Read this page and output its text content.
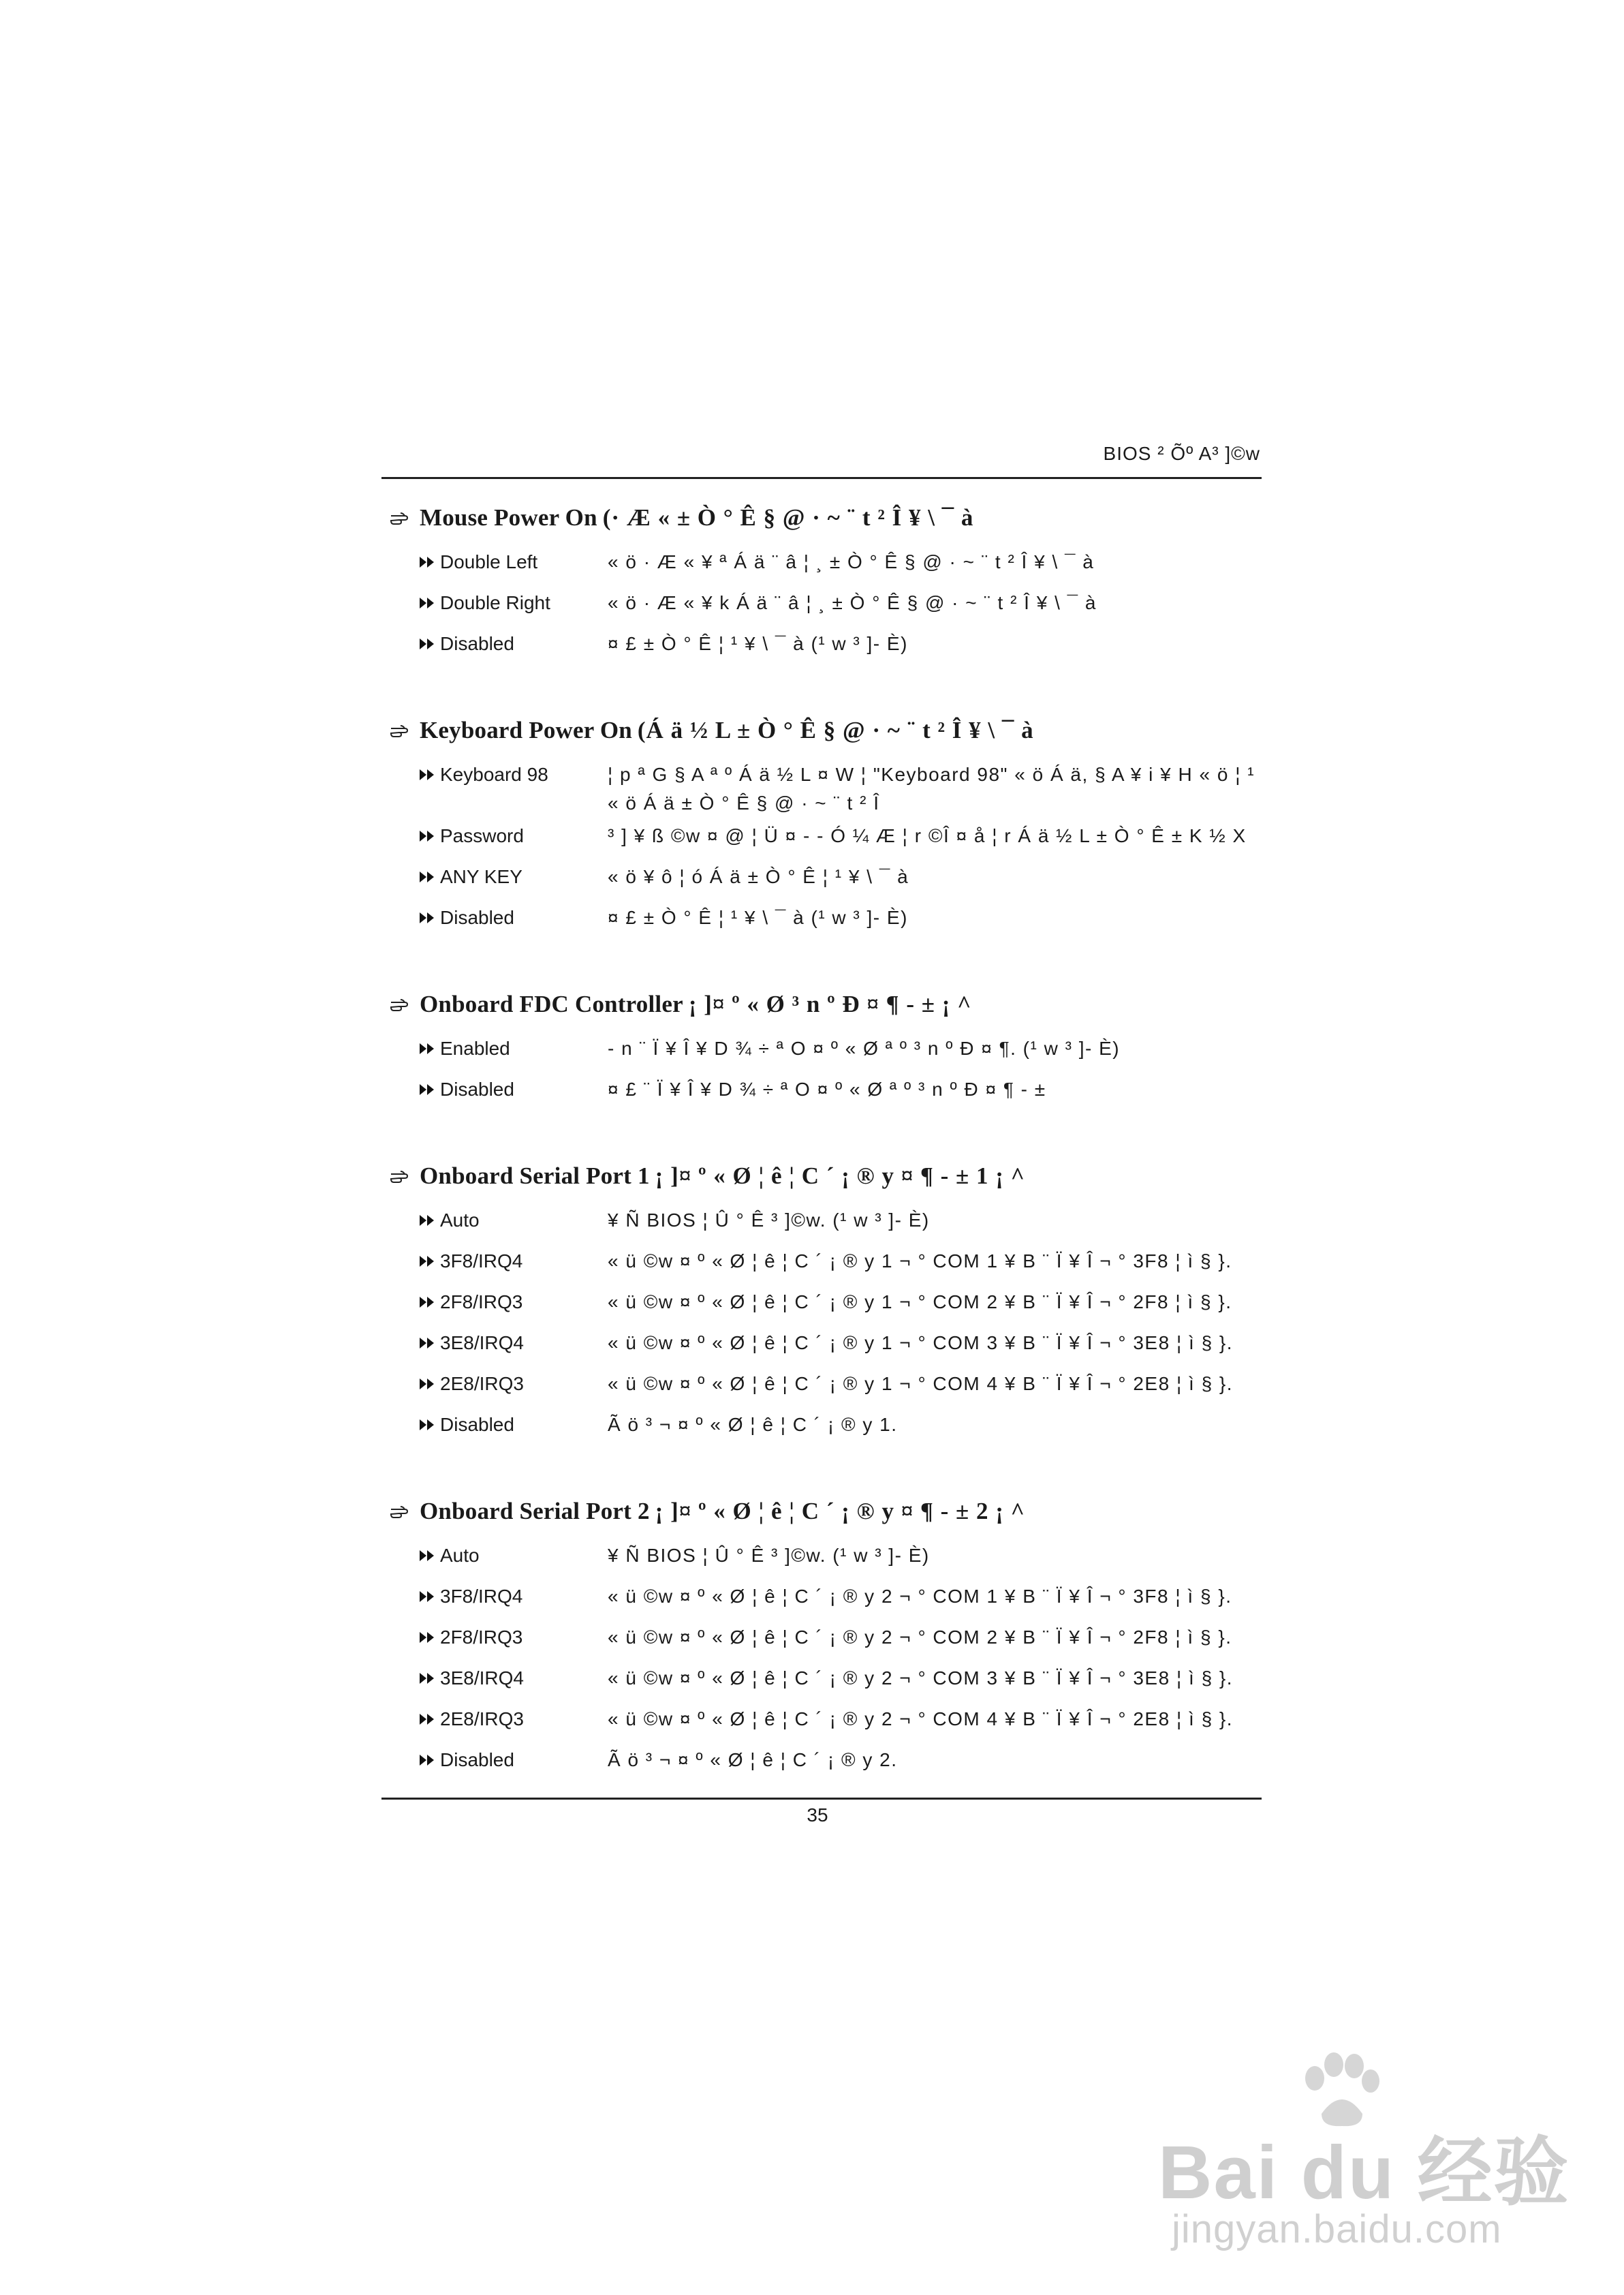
BIOS ² Õº A³ ]©w
Mouse Power On (· Æ « ± Ò ° Ê § @ · ~ ¨ t ² Î ¥ \ ¯ à
Double Left	« ö · Æ « ¥ ª Á ä ¨ â ¦ ¸ ± Ò ° Ê § @ · ~ ¨ t ² Î ¥ \ ¯ à
Double Right	« ö · Æ « ¥ k Á ä ¨ â ¦ ¸ ± Ò ° Ê § @ · ~ ¨ t ² Î ¥ \ ¯ à
Disabled	¤ £ ± Ò ° Ê ¦ ¹ ¥ \ ¯ à (¹ w ³ ]- È)
Keyboard Power On (Á ä ½ L ± Ò ° Ê § @ · ~ ¨ t ² Î ¥ \ ¯ à
Keyboard 98	¦ p ª G § A ª º Á ä ½ L ¤ W ¦ "Keyboard 98" « ö Á ä, § A ¥ i ¥ H « ö ¦ ¹ « ö Á ä ± Ò ° Ê § @ · ~ ¨ t ² Î
Password	³ ] ¥ ß ©w ¤ @ ¦ Ü ¤ - - Ó ¼ Æ ¦ r ©Î ¤ å ¦ r Á ä ½ L ± Ò ° Ê ± K ½ X
ANY KEY	« ö ¥ ô ¦ ó Á ä ± Ò ° Ê ¦ ¹ ¥ \ ¯ à
Disabled	¤ £ ± Ò ° Ê ¦ ¹ ¥ \ ¯ à (¹ w ³ ]- È)
Onboard FDC Controller ¡ ]¤ º « Ø ³ n º Ð ¤ ¶ - ± ¡ ^
Enabled	- n ¨ Ï ¥ Î ¥ D ¾ ÷ ª O ¤ º « Ø ª º ³ n º Ð ¤ ¶. (¹ w ³ ]- È)
Disabled	¤ £ ¨ Ï ¥ Î ¥ D ¾ ÷ ª O ¤ º « Ø ª º ³ n º Ð ¤ ¶ - ±
Onboard Serial Port 1 ¡ ]¤ º « Ø ¦ ê ¦ C ´ ¡ ® y ¤ ¶ - ± 1 ¡ ^
Auto	¥ Ñ BIOS ¦ Û ° Ê ³ ]©w. (¹ w ³ ]- È)
3F8/IRQ4	« ü ©w ¤ º « Ø ¦ ê ¦ C ´ ¡ ® y 1 ¬ ° COM 1 ¥ B ¨ Ï ¥ Î ¬ ° 3F8 ¦ ì § }.
2F8/IRQ3	« ü ©w ¤ º « Ø ¦ ê ¦ C ´ ¡ ® y 1 ¬ ° COM 2 ¥ B ¨ Ï ¥ Î ¬ ° 2F8 ¦ ì § }.
3E8/IRQ4	« ü ©w ¤ º « Ø ¦ ê ¦ C ´ ¡ ® y 1 ¬ ° COM 3 ¥ B ¨ Ï ¥ Î ¬ ° 3E8 ¦ ì § }.
2E8/IRQ3	« ü ©w ¤ º « Ø ¦ ê ¦ C ´ ¡ ® y 1 ¬ ° COM 4 ¥ B ¨ Ï ¥ Î ¬ ° 2E8 ¦ ì § }.
Disabled	Ã ö ³ ¬ ¤ º « Ø ¦ ê ¦ C ´ ¡ ® y 1.
Onboard Serial Port 2 ¡ ]¤ º « Ø ¦ ê ¦ C ´ ¡ ® y ¤ ¶ - ± 2 ¡ ^
Auto	¥ Ñ BIOS ¦ Û ° Ê ³ ]©w. (¹ w ³ ]- È)
3F8/IRQ4	« ü ©w ¤ º « Ø ¦ ê ¦ C ´ ¡ ® y 2 ¬ ° COM 1 ¥ B ¨ Ï ¥ Î ¬ ° 3F8 ¦ ì § }.
2F8/IRQ3	« ü ©w ¤ º « Ø ¦ ê ¦ C ´ ¡ ® y 2 ¬ ° COM 2 ¥ B ¨ Ï ¥ Î ¬ ° 2F8 ¦ ì § }.
3E8/IRQ4	« ü ©w ¤ º « Ø ¦ ê ¦ C ´ ¡ ® y 2 ¬ ° COM 3 ¥ B ¨ Ï ¥ Î ¬ ° 3E8 ¦ ì § }.
2E8/IRQ3	« ü ©w ¤ º « Ø ¦ ê ¦ C ´ ¡ ® y 2 ¬ ° COM 4 ¥ B ¨ Ï ¥ Î ¬ ° 2E8 ¦ ì § }.
Disabled	Ã ö ³ ¬ ¤ º « Ø ¦ ê ¦ C ´ ¡ ® y 2.
35
Bai du 经验
jingyan.baidu.com
